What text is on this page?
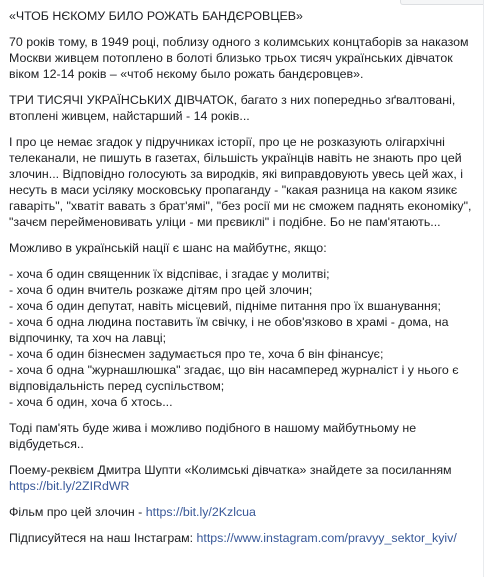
«ЧТОБ НЄКОМУ БИЛО РОЖАТЬ БАНДЄРОВЦЕВ»

70 років тому, в 1949 році, поблизу одного з колимських концтаборів за наказом Москви живцем потоплено в болоті близько трьох тисяч українських дівчаток віком 12-14 років – «чтоб нєкому было рожать бандєровцев».

ТРИ ТИСЯЧІ УКРАЇНСЬКИХ ДІВЧАТОК, багато з них попередньо зґвалтовані, втоплені живцем, найстарший - 14 років...

І про це немає згадок у підручниках історії, про це не розказують олігархічні телеканали, не пишуть в газетах, більшість українців навіть не знають про цей злочин... Відповідно голосують за виродків, які виправдовують увесь цей жах, і несуть в маси усіляку московську пропаганду - "какая разница на каком язикє гаваріть", "хватіт вавать з брат'ямі", "без росії ми нє сможем паднять економіку", "зачєм перейменовивать уліци - ми прєвиклі" і подібне. Бо не пам'ятають...

Можливо в українській нації є шанс на майбутнє, якщо:

- хоча б один священник їх відспіває, і згадає у молитві;
- хоча б один вчитель розкаже дітям про цей злочин;
- хоча б один депутат, навіть місцевий, підніме питання про їх вшанування;
- хоча б одна людина поставить їм свічку, і не обов'язково в храмі - дома, на відпочинку, та хоч на лавці;
- хоча б один бізнесмен задумається про те, хоча б він фінансує;
- хоча б одна "журнашлюшка" згадає, що він насамперед журналіст і у нього є відповідальність перед суспільством;
- хоча б один, хоча б хтось...

Тоді пам'ять буде жива і можливо подібного в нашому майбутньому не відбудеться..

Поему-реквієм Дмитра Шупти «Колимські дівчатка» знайдете за посиланням
https://bit.ly/2ZIRdWR

Фільм про цей злочин - https://bit.ly/2Kzlcua

Підписуйтеся на наш Інстаграм: https://www.instagram.com/pravyy_sektor_kyiv/
